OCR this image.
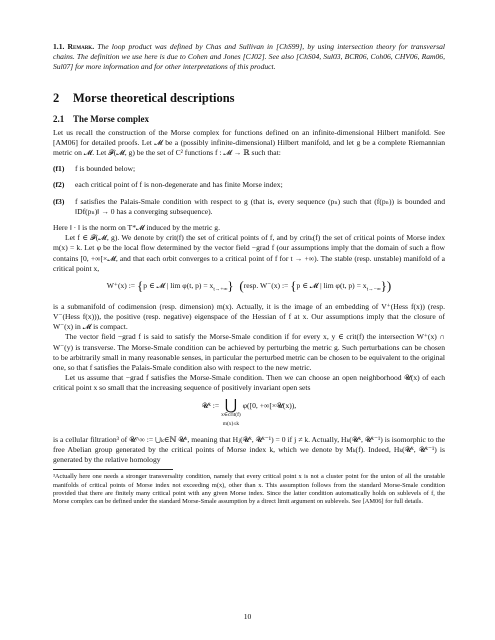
1.1. Remark. The loop product was defined by Chas and Sullivan in [ChS99], by using intersection theory for transversal chains. The definition we use here is due to Cohen and Jones [CJ02]. See also [ChS04, Sul03, BCR06, Coh06, CHV06, Ram06, Sul07] for more information and for other interpretations of this product.

2 Morse theoretical descriptions
2.1 The Morse complex

Let us recall the construction of the Morse complex for functions defined on an infinite-dimensional Hilbert manifold. See [AM06] for detailed proofs. Let 𝓜 be a (possibly infinite-dimensional) Hilbert manifold, and let g be a complete Riemannian metric on 𝓜. Let 𝓕(𝓜, g) be the set of C² functions f : 𝓜 → ℝ such that:

(f1)	f is bounded below;
(f2)	each critical point of f is non-degenerate and has finite Morse index;
(f3)	f satisfies the Palais-Smale condition with respect to g (that is, every sequence (pₙ) such that (f(pₙ)) is bounded and ‖Df(pₙ)‖ → 0 has a converging subsequence).

Here ‖ · ‖ is the norm on T*𝓜 induced by the metric g.

Let f ∈ 𝓕(𝓜, g). We denote by crit(f) the set of critical points of f, and by critₖ(f) the set of critical points of Morse index m(x) = k. Let φ be the local flow determined by the vector field −grad f (our assumptions imply that the domain of such a flow contains [0, +∞[×𝓜, and that each orbit converges to a critical point of f for t → +∞). The stable (resp. unstable) manifold of a critical point x,

W⁺(x) := {p ∈ 𝓜 | lim φ(t, $p) = x_{t\to+\infty}$} (resp. W⁻(x) := {p ∈ 𝓜 | lim φ(t, $p) = x_{t\to-\infty}$})

is a submanifold of codimension (resp. dimension) m(x). Actually, it is the image of an embedding of V⁺(Hess f(x)) (resp. V⁻(Hess f(x))), the positive (resp. negative) eigenspace of the Hessian of f at x. Our assumptions imply that the closure of W⁻(x) in 𝓜 is compact.

The vector field −grad f is said to satisfy the Morse-Smale condition if for every x, y ∈ crit(f) the intersection W⁺(x) ∩ W⁻(y) is transverse. The Morse-Smale condition can be achieved by perturbing the metric g. Such perturbations can be chosen to be arbitrarily small in many reasonable senses, in particular the perturbed metric can be chosen to be equivalent to the original one, so that f satisfies the Palais-Smale condition also with respect to the new metric.

Let us assume that −grad f satisfies the Morse-Smale condition. Then we can choose an open neighborhood 𝓤(x) of each critical point x so small that the increasing sequence of positively invariant open sets

𝓤ᵏ := ⋃
x∈crit(f)
m(x)≤k φ([0, +∞[×𝓤(x)),

is a cellular filtration³ of 𝓤^∞ := ⋃ₖ∈ℕ 𝓤ᵏ, meaning that Hⱼ(𝓤ᵏ, 𝓤ᵏ⁻¹) = 0 if j ≠ k. Actually, Hₖ(𝓤ᵏ, 𝓤ᵏ⁻¹) is isomorphic to the free Abelian group generated by the critical points of Morse index k, which we denote by Mₖ(f). Indeed, Hₖ(𝓤ᵏ, 𝓤ᵏ⁻¹) is generated by the relative homology

³Actually here one needs a stronger transversality condition, namely that every critical point x is not a cluster point for the union of all the unstable manifolds of critical points of Morse index not exceeding m(x), other than x. This assumption follows from the standard Morse-Smale condition provided that there are finitely many critical point with any given Morse index. Since the latter condition automatically holds on sublevels of f, the Morse complex can be defined under the standard Morse-Smale assumption by a direct limit argument on sublevels. See [AM06] for full details.

10
